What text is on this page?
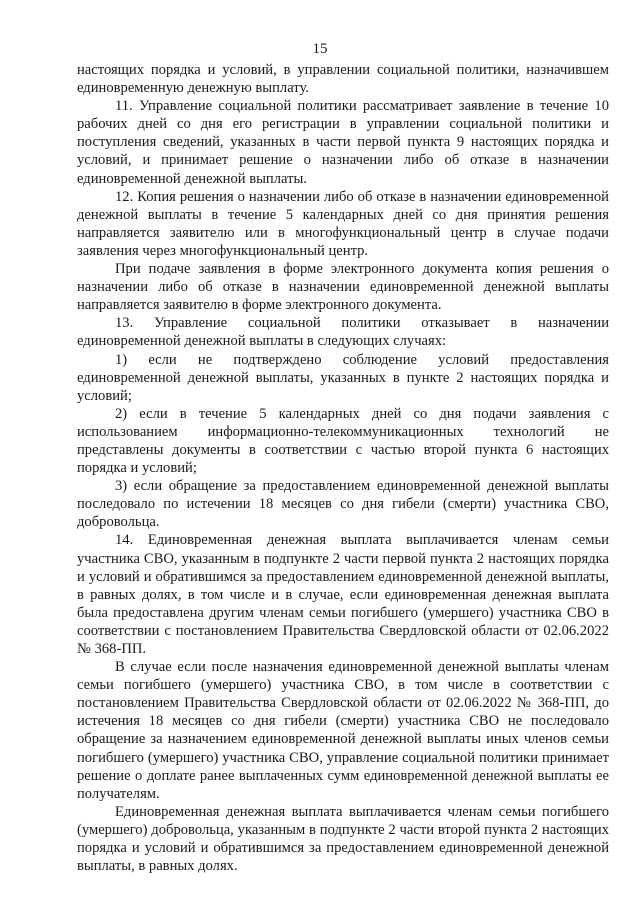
15

настоящих порядка и условий, в управлении социальной политики, назначившем единовременную денежную выплату.

11. Управление социальной политики рассматривает заявление в течение 10 рабочих дней со дня его регистрации в управлении социальной политики и поступления сведений, указанных в части первой пункта 9 настоящих порядка и условий, и принимает решение о назначении либо об отказе в назначении единовременной денежной выплаты.

12. Копия решения о назначении либо об отказе в назначении единовременной денежной выплаты в течение 5 календарных дней со дня принятия решения направляется заявителю или в многофункциональный центр в случае подачи заявления через многофункциональный центр.

При подаче заявления в форме электронного документа копия решения о назначении либо об отказе в назначении единовременной денежной выплаты направляется заявителю в форме электронного документа.

13. Управление социальной политики отказывает в назначении единовременной денежной выплаты в следующих случаях:

1) если не подтверждено соблюдение условий предоставления единовременной денежной выплаты, указанных в пункте 2 настоящих порядка и условий;

2) если в течение 5 календарных дней со дня подачи заявления с использованием информационно-телекоммуникационных технологий не представлены документы в соответствии с частью второй пункта 6 настоящих порядка и условий;

3) если обращение за предоставлением единовременной денежной выплаты последовало по истечении 18 месяцев со дня гибели (смерти) участника СВО, добровольца.

14. Единовременная денежная выплата выплачивается членам семьи участника СВО, указанным в подпункте 2 части первой пункта 2 настоящих порядка и условий и обратившимся за предоставлением единовременной денежной выплаты, в равных долях, в том числе и в случае, если единовременная денежная выплата была предоставлена другим членам семьи погибшего (умершего) участника СВО в соответствии с постановлением Правительства Свердловской области от 02.06.2022 № 368-ПП.

В случае если после назначения единовременной денежной выплаты членам семьи погибшего (умершего) участника СВО, в том числе в соответствии с постановлением Правительства Свердловской области от 02.06.2022 № 368-ПП, до истечения 18 месяцев со дня гибели (смерти) участника СВО не последовало обращение за назначением единовременной денежной выплаты иных членов семьи погибшего (умершего) участника СВО, управление социальной политики принимает решение о доплате ранее выплаченных сумм единовременной денежной выплаты ее получателям.

Единовременная денежная выплата выплачивается членам семьи погибшего (умершего) добровольца, указанным в подпункте 2 части второй пункта 2 настоящих порядка и условий и обратившимся за предоставлением единовременной денежной выплаты, в равных долях.
